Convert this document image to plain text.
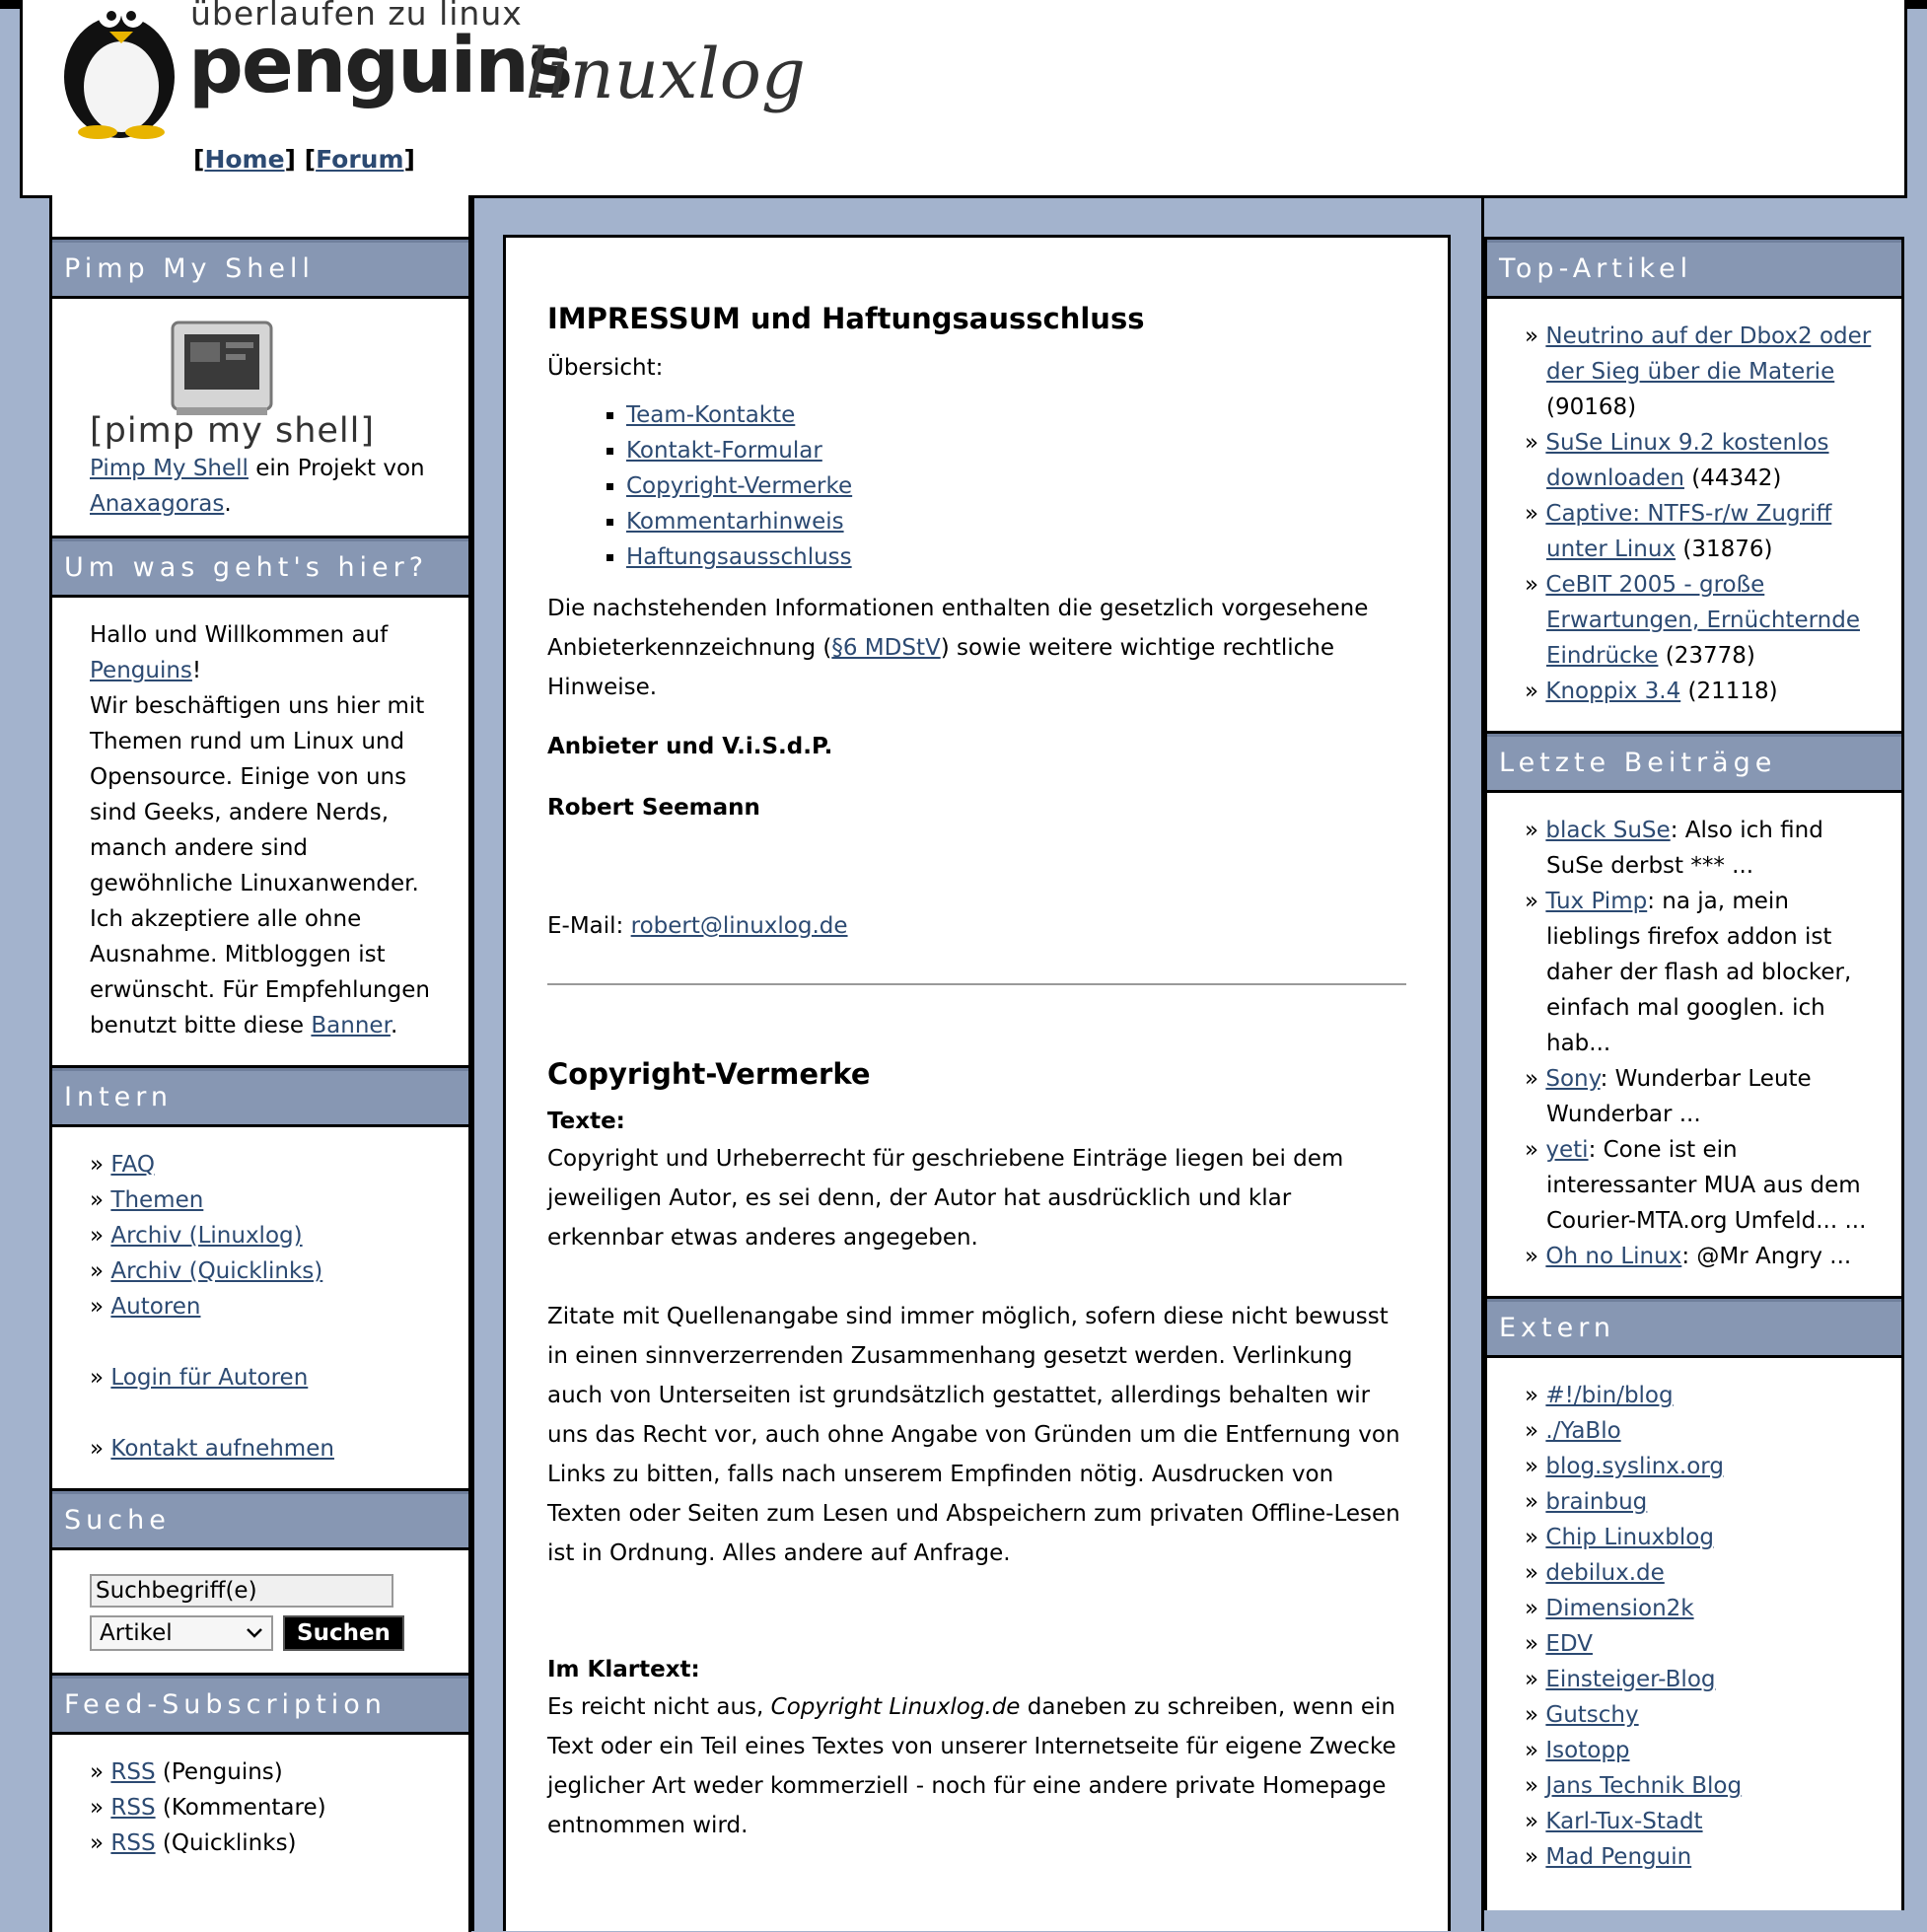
überlaufen zu linux
penguins
linuxlog
[Home] [Forum]
Pimp My Shell
[pimp my shell]
Pimp My Shell ein Projekt von Anaxagoras.
Um was geht's hier?
Hallo und Willkommen auf Penguins!
Wir beschäftigen uns hier mit Themen rund um Linux und Opensource. Einige von uns sind Geeks, andere Nerds, manch andere sind gewöhnliche Linuxanwender. Ich akzeptiere alle ohne Ausnahme. Mitbloggen ist erwünscht. Für Empfehlungen benutzt bitte diese Banner.
Intern
» FAQ
» Themen
» Archiv (Linuxlog)
» Archiv (Quicklinks)
» Autoren
» Login für Autoren
» Kontakt aufnehmen
Suche
Suchbegriff(e)
Artikel	Suchen
Feed-Subscription
» RSS (Penguins)
» RSS (Kommentare)
» RSS (Quicklinks)
IMPRESSUM und Haftungsausschluss

Übersicht:

▪ Team-Kontakte
▪ Kontakt-Formular
▪ Copyright-Vermerke
▪ Kommentarhinweis
▪ Haftungsausschluss

Die nachstehenden Informationen enthalten die gesetzlich vorgesehene Anbieterkennzeichnung (§6 MDStV) sowie weitere wichtige rechtliche Hinweise.

Anbieter und V.i.S.d.P.

Robert Seemann

E-Mail: robert@linuxlog.de

Copyright-Vermerke

Texte:

Copyright und Urheberrecht für geschriebene Einträge liegen bei dem jeweiligen Autor, es sei denn, der Autor hat ausdrücklich und klar erkennbar etwas anderes angegeben.

Zitate mit Quellenangabe sind immer möglich, sofern diese nicht bewusst in einen sinnverzerrenden Zusammenhang gesetzt werden. Verlinkung auch von Unterseiten ist grundsätzlich gestattet, allerdings behalten wir uns das Recht vor, auch ohne Angabe von Gründen um die Entfernung von Links zu bitten, falls nach unserem Empfinden nötig. Ausdrucken von Texten oder Seiten zum Lesen und Abspeichern zum privaten Offline-Lesen ist in Ordnung. Alles andere auf Anfrage.

Im Klartext:

Es reicht nicht aus, Copyright Linuxlog.de daneben zu schreiben, wenn ein Text oder ein Teil eines Textes von unserer Internetseite für eigene Zwecke jeglicher Art weder kommerziell - noch für eine andere private Homepage entnommen wird.

Top-Artikel
» Neutrino auf der Dbox2 oder der Sieg über die Materie (90168)
» SuSe Linux 9.2 kostenlos downloaden (44342)
» Captive: NTFS-r/w Zugriff unter Linux (31876)
» CeBIT 2005 - große Erwartungen, Ernüchternde Eindrücke (23778)
» Knoppix 3.4 (21118)
Letzte Beiträge
» black SuSe: Also ich find SuSe derbst *** ...
» Tux Pimp: na ja, mein lieblings firefox addon ist daher der flash ad blocker, einfach mal googlen. ich hab...
» Sony: Wunderbar Leute Wunderbar ...
» yeti: Cone ist ein interessanter MUA aus dem Courier-MTA.org Umfeld... ...
» Oh no Linux: @Mr Angry ...
Extern
» #!/bin/blog
» ./YaBlo
» blog.syslinx.org
» brainbug
» Chip Linuxblog
» debilux.de
» Dimension2k
» EDV
» Einsteiger-Blog
» Gutschy
» Isotopp
» Jans Technik Blog
» Karl-Tux-Stadt
» Mad Penguin
